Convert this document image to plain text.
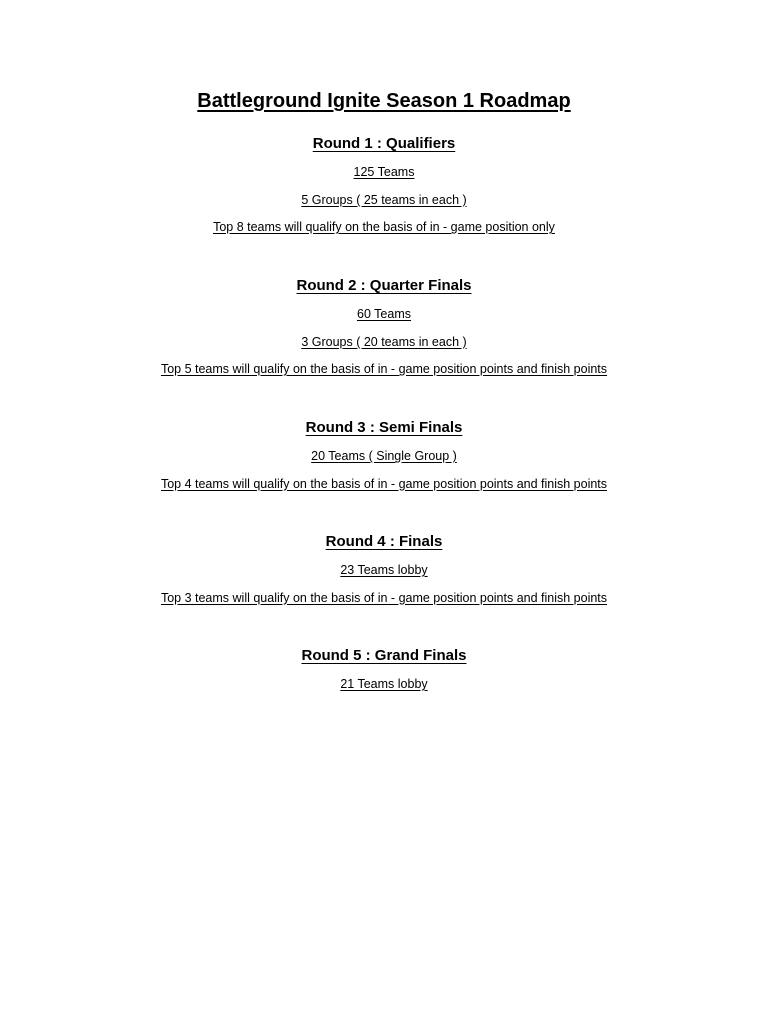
Battleground Ignite Season 1 Roadmap
Round 1 : Qualifiers
125 Teams
5 Groups ( 25 teams in each )
Top 8 teams will qualify on the basis of in - game position only
Round 2 : Quarter Finals
60 Teams
3 Groups ( 20 teams in each )
Top 5 teams will qualify on the basis of in - game position points and finish points
Round 3 : Semi Finals
20 Teams ( Single Group )
Top 4 teams will qualify on the basis of in - game position points and finish points
Round 4 : Finals
23 Teams lobby
Top 3 teams will qualify on the basis of in - game position points and finish points
Round 5 : Grand Finals
21 Teams lobby
